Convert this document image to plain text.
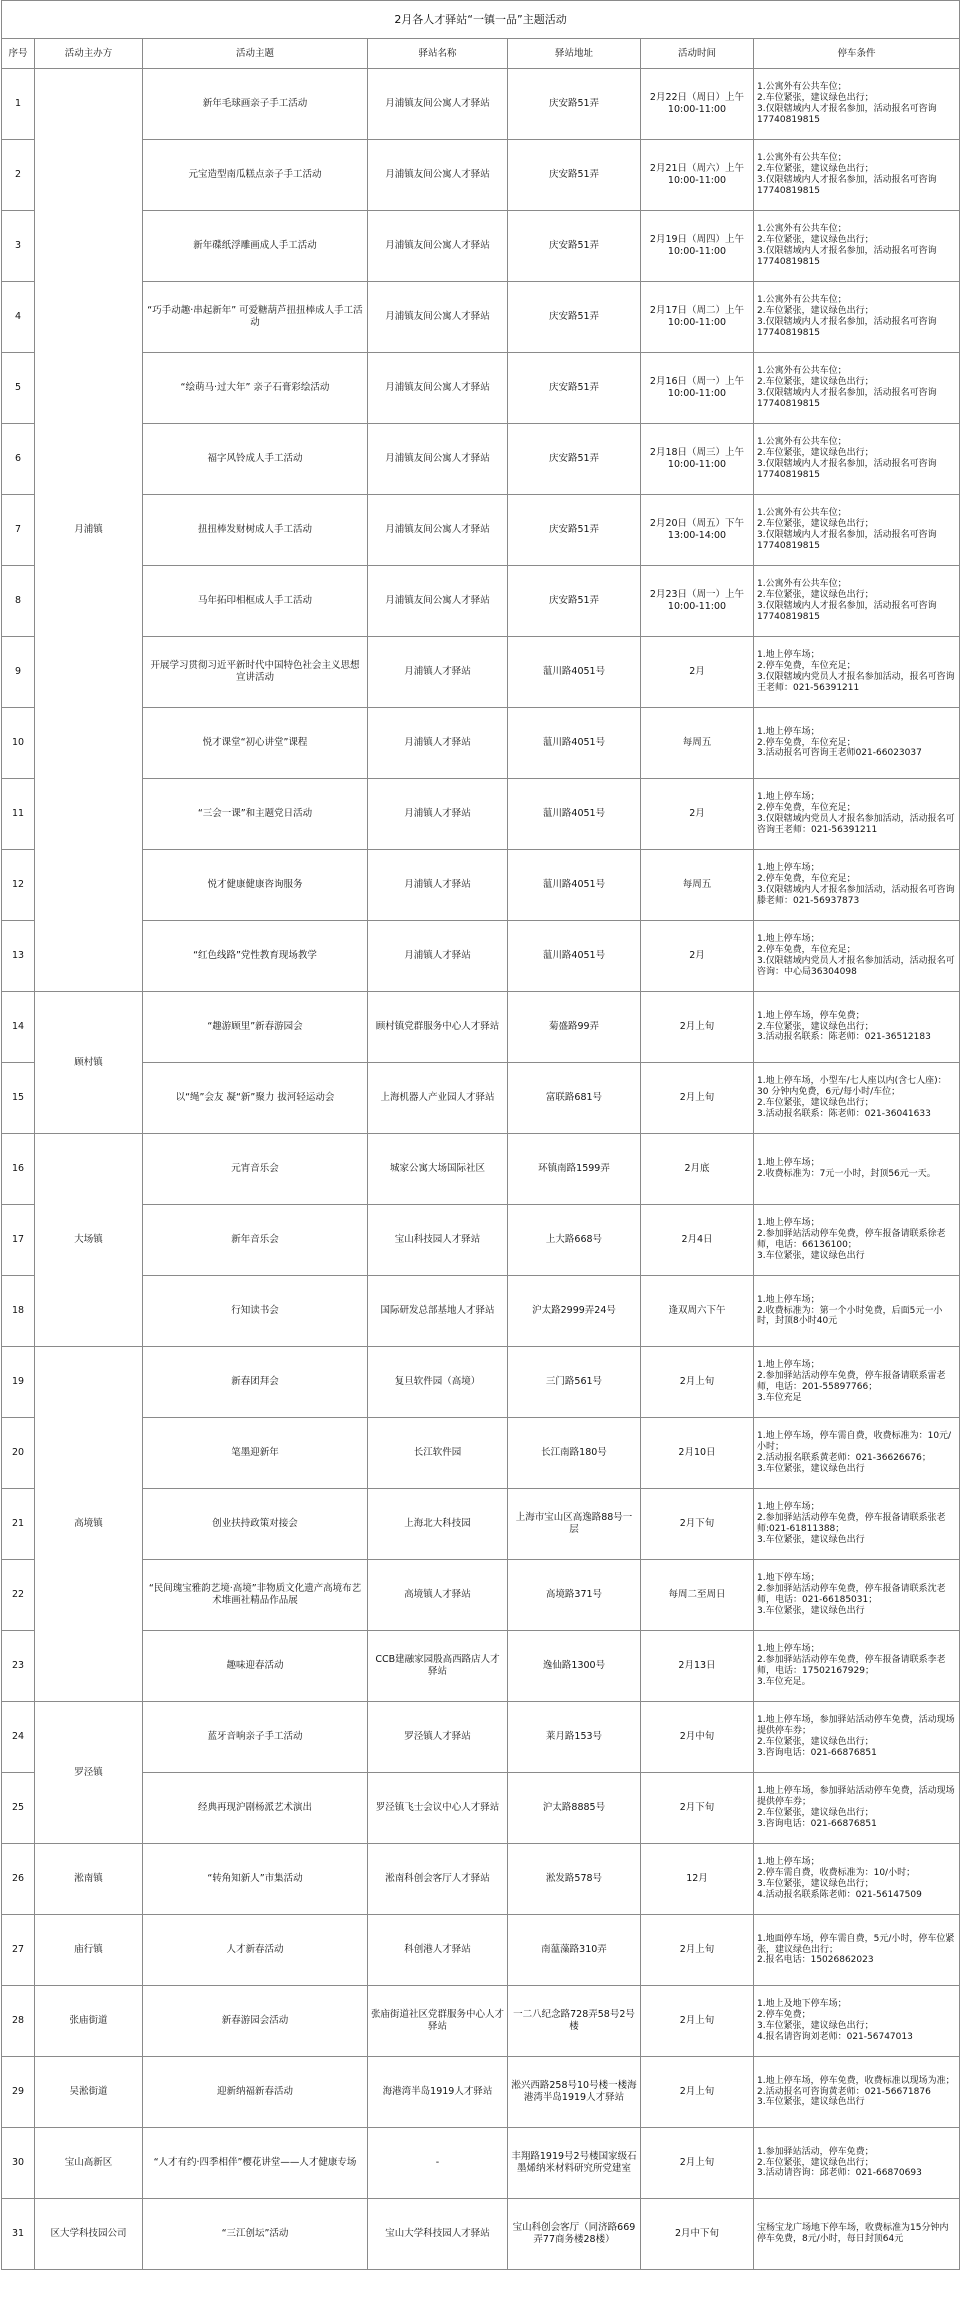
2月各人才驿站“一镇一品”主题活动						
序号	活动主办方	活动主题	驿站名称	驿站地址	活动时间	停车条件
1	月浦镇	新年毛球画亲子手工活动	月浦镇友间公寓人才驿站	庆安路51弄	2月22日（周日）上午10:00-11:00	1.公寓外有公共车位；
2.车位紧张，建议绿色出行；
3.仅限辖域内人才报名参加，活动报名可咨询17740819815
2		元宝造型南瓜糕点亲子手工活动	月浦镇友间公寓人才驿站	庆安路51弄	2月21日（周六）上午10:00-11:00	1.公寓外有公共车位；
2.车位紧张，建议绿色出行；
3.仅限辖域内人才报名参加，活动报名可咨询17740819815
3		新年碟纸浮雕画成人手工活动	月浦镇友间公寓人才驿站	庆安路51弄	2月19日（周四）上午10:00-11:00	1.公寓外有公共车位；
2.车位紧张，建议绿色出行；
3.仅限辖域内人才报名参加，活动报名可咨询17740819815
4		“巧手动趣·串起新年” 可爱糖葫芦扭扭棒成人手工活动	月浦镇友间公寓人才驿站	庆安路51弄	2月17日（周二）上午10:00-11:00	1.公寓外有公共车位；
2.车位紧张，建议绿色出行；
3.仅限辖域内人才报名参加，活动报名可咨询17740819815
5		“绘萌马·过大年” 亲子石膏彩绘活动	月浦镇友间公寓人才驿站	庆安路51弄	2月16日（周一）上午10:00-11:00	1.公寓外有公共车位；
2.车位紧张，建议绿色出行；
3.仅限辖域内人才报名参加，活动报名可咨询17740819815
6		福字风铃成人手工活动	月浦镇友间公寓人才驿站	庆安路51弄	2月18日（周三）上午10:00-11:00	1.公寓外有公共车位；
2.车位紧张，建议绿色出行；
3.仅限辖域内人才报名参加，活动报名可咨询17740819815
7		扭扭棒发财树成人手工活动	月浦镇友间公寓人才驿站	庆安路51弄	2月20日（周五）下午13:00-14:00	1.公寓外有公共车位；
2.车位紧张，建议绿色出行；
3.仅限辖域内人才报名参加，活动报名可咨询17740819815
8		马年拓印相框成人手工活动	月浦镇友间公寓人才驿站	庆安路51弄	2月23日（周一）上午10:00-11:00	1.公寓外有公共车位；
2.车位紧张，建议绿色出行；
3.仅限辖域内人才报名参加，活动报名可咨询17740819815
9		开展学习贯彻习近平新时代中国特色社会主义思想宣讲活动	月浦镇人才驿站	蕰川路4051号	2月	1.地上停车场；
2.停车免费，车位充足；
3.仅限辖域内党员人才报名参加活动，报名可咨询王老师：021-56391211
10		悦才课堂“初心讲堂”课程	月浦镇人才驿站	蕰川路4051号	每周五	1.地上停车场；
2.停车免费，车位充足；
3.活动报名可咨询王老师021-66023037
11		“三会一课”和主题党日活动	月浦镇人才驿站	蕰川路4051号	2月	1.地上停车场；
2.停车免费，车位充足；
3.仅限辖域内党员人才报名参加活动，活动报名可咨询王老师：021-56391211
12		悦才健康健康咨询服务	月浦镇人才驿站	蕰川路4051号	每周五	1.地上停车场；
2.停车免费，车位充足；
3.仅限辖域内人才报名参加活动，活动报名可咨询滕老师：021-56937873
13		“红色线路”党性教育现场教学	月浦镇人才驿站	蕰川路4051号	2月	1.地上停车场；
2.停车免费，车位充足；
3.仅限辖域内党员人才报名参加活动，活动报名可咨询：中心局36304098
14	顾村镇	“趣游顾里”新春游园会	顾村镇党群服务中心人才驿站	菊盛路99弄	2月上旬	1.地上停车场，停车免费；
2.车位紧张，建议绿色出行；
3.活动报名联系：陈老师：021-36512183
15		以“绳”会友 凝“新”聚力 拔河轻运动会	上海机器人产业园人才驿站	富联路681号	2月上旬	1.地上停车场，小型车/七人座以内(含七人座)：30 分钟内免费，6元/每小时/车位；
2.车位紧张，建议绿色出行；
3.活动报名联系：陈老师：021-36041633
16	大场镇	元宵音乐会	城家公寓大场国际社区	环镇南路1599弄	2月底	1.地上停车场；
2.收费标准为：7元一小时，封顶56元一天。
17		新年音乐会	宝山科技园人才驿站	上大路668号	2月4日	1.地上停车场；
2.参加驿站活动停车免费，停车报备请联系徐老师，电话：66136100；
3.车位紧张，建议绿色出行
18		行知读书会	国际研发总部基地人才驿站	沪太路2999弄24号	逢双周六下午	1.地上停车场；
2.收费标准为：第一个小时免费，后面5元一小时，封顶8小时40元
19	高境镇	新春团拜会	复旦软件园（高境）	三门路561号	2月上旬	1.地上停车场；
2.参加驿站活动停车免费，停车报备请联系雷老师，电话：201-55897766；
3.车位充足
20		笔墨迎新年	长江软件园	长江南路180号	2月10日	1.地上停车场，停车需自费，收费标准为：10元/小时；
2.活动报名联系黄老师：021-36626676；
3.车位紧张，建议绿色出行
21		创业扶持政策对接会	上海北大科技园	上海市宝山区高逸路88号一层	2月下旬	1.地上停车场；
2.参加驿站活动停车免费，停车报备请联系张老师:021-61811388；
3.车位紧张，建议绿色出行
22		“民间瑰宝雅韵艺境·高境”非物质文化遗产高境布艺术堆画社精品作品展	高境镇人才驿站	高境路371号	每周二至周日	1.地下停车场；
2.参加驿站活动停车免费，停车报备请联系沈老师，电话：021-66185031；
3.车位紧张，建议绿色出行
23		趣味迎春活动	CCB建融家园殷高西路店人才驿站	逸仙路1300号	2月13日	1.地上停车场；
2.参加驿站活动停车免费，停车报备请联系李老师，电话：17502167929；
3.车位充足。
24	罗泾镇	蓝牙音响亲子手工活动	罗泾镇人才驿站	莱月路153号	2月中旬	1.地上停车场，参加驿站活动停车免费，活动现场提供停车券；
2.车位紧张，建议绿色出行；
3.咨询电话：021-66876851
25		经典再现沪剧杨派艺术演出	罗泾镇飞士会议中心人才驿站	沪太路8885号	2月下旬	1.地上停车场，参加驿站活动停车免费，活动现场提供停车券；
2.车位紧张，建议绿色出行；
3.咨询电话：021-66876851
26	淞南镇	“转角知新人”市集活动	淞南科创会客厅人才驿站	淞发路578号	12月	1.地上停车场；
2.停车需自费，收费标准为：10/小时；
3.车位紧张，建议绿色出行；
4.活动报名联系陈老师：021-56147509
27	庙行镇	人才新春活动	科创港人才驿站	南蕰藻路310弄	2月上旬	1.地面停车场，停车需自费，5元/小时，停车位紧张，建议绿色出行；
2.报名电话：15026862023
28	张庙街道	新春游园会活动	张庙街道社区党群服务中心人才驿站	一二八纪念路728弄58号2号楼	2月上旬	1.地上及地下停车场；
2.停车免费；
3.车位紧张，建议绿色出行；
4.报名请咨询刘老师：021-56747013
29	吴淞街道	迎新纳福新春活动	海港湾半岛1919人才驿站	淞兴西路258号10号楼一楼海港湾半岛1919人才驿站	2月上旬	1.地上停车场，停车免费，收费标准以现场为准；
2.活动报名可咨询黄老师：021-56671876
3.车位紧张，建议绿色出行
30	宝山高新区	“人才有约·四季相伴”樱花讲堂——人才健康专场	-	丰翔路1919号2号楼国家级石墨烯纳米材料研究所党建室	2月上旬	1.参加驿站活动，停车免费；
2.车位紧张，建议绿色出行；
3.活动请咨询：邱老师：021-66870693
31	区大学科技园公司	“三江创坛”活动	宝山大学科技园人才驿站	宝山科创会客厅（同济路669弄77商务楼28楼）	2月中下旬	宝杨宝龙广场地下停车场，收费标准为15分钟内停车免费，8元/小时，每日封顶64元
